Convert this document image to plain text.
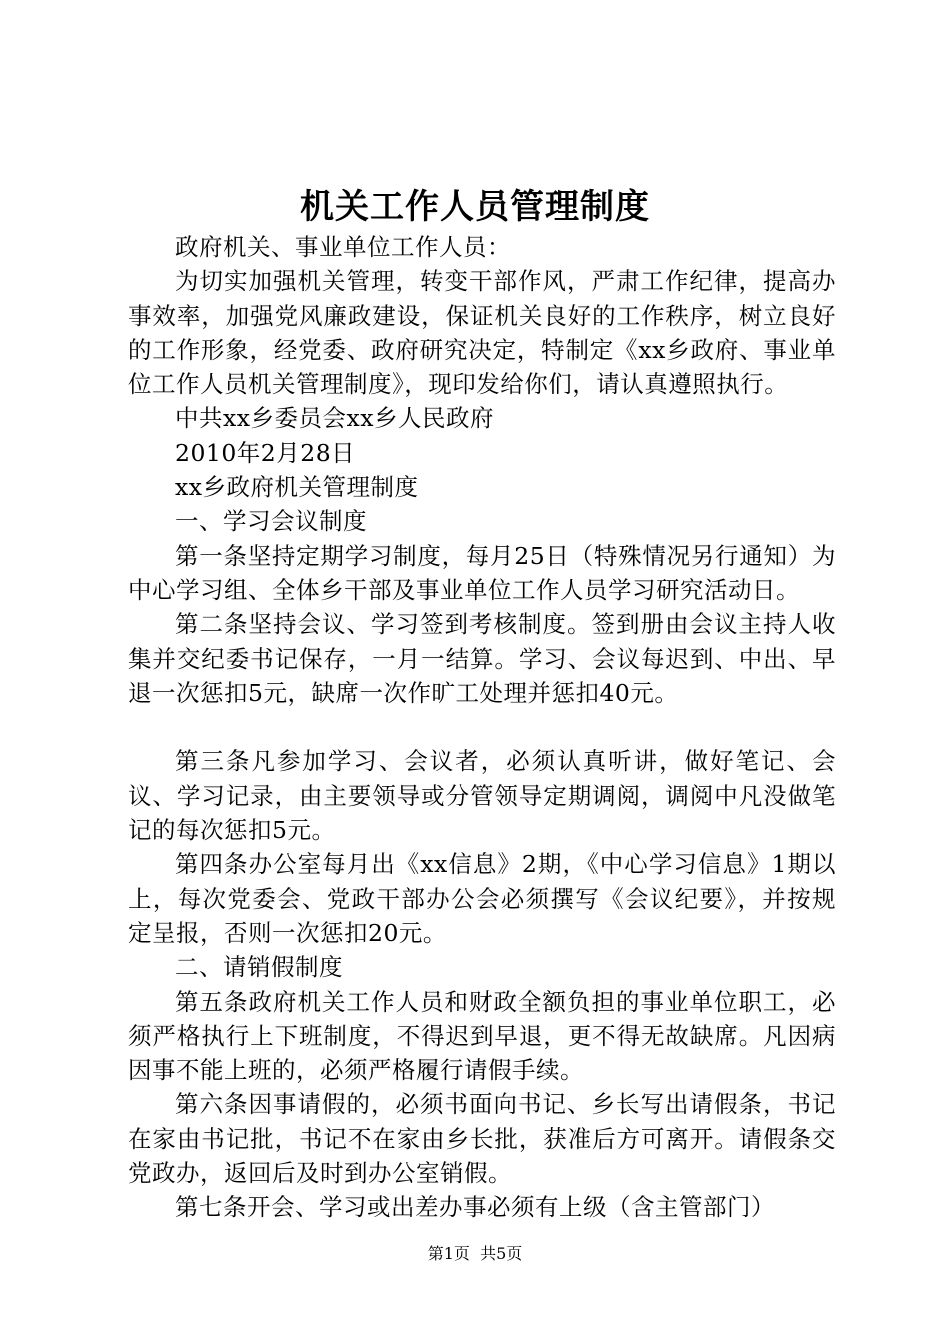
机关工作人员管理制度

政府机关、事业单位工作人员：

为切实加强机关管理，转变干部作风，严肃工作纪律，提高办事效率，加强党风廉政建设，保证机关良好的工作秩序，树立良好的工作形象，经党委、政府研究决定，特制定《xx乡政府、事业单位工作人员机关管理制度》，现印发给你们，请认真遵照执行。

中共xx乡委员会xx乡人民政府

2010年2月28日

xx乡政府机关管理制度

一、学习会议制度

第一条坚持定期学习制度，每月25日（特殊情况另行通知）为中心学习组、全体乡干部及事业单位工作人员学习研究活动日。

第二条坚持会议、学习签到考核制度。签到册由会议主持人收集并交纪委书记保存，一月一结算。学习、会议每迟到、中出、早退一次惩扣5元，缺席一次作旷工处理并惩扣40元。

第三条凡参加学习、会议者，必须认真听讲，做好笔记、会议、学习记录，由主要领导或分管领导定期调阅，调阅中凡没做笔记的每次惩扣5元。

第四条办公室每月出《xx信息》2期，《中心学习信息》1期以上，每次党委会、党政干部办公会必须撰写《会议纪要》，并按规定呈报，否则一次惩扣20元。

二、请销假制度

第五条政府机关工作人员和财政全额负担的事业单位职工，必须严格执行上下班制度，不得迟到早退，更不得无故缺席。凡因病因事不能上班的，必须严格履行请假手续。

第六条因事请假的，必须书面向书记、乡长写出请假条，书记在家由书记批，书记不在家由乡长批，获准后方可离开。请假条交党政办，返回后及时到办公室销假。

第七条开会、学习或出差办事必须有上级（含主管部门）

第1页 共5页
